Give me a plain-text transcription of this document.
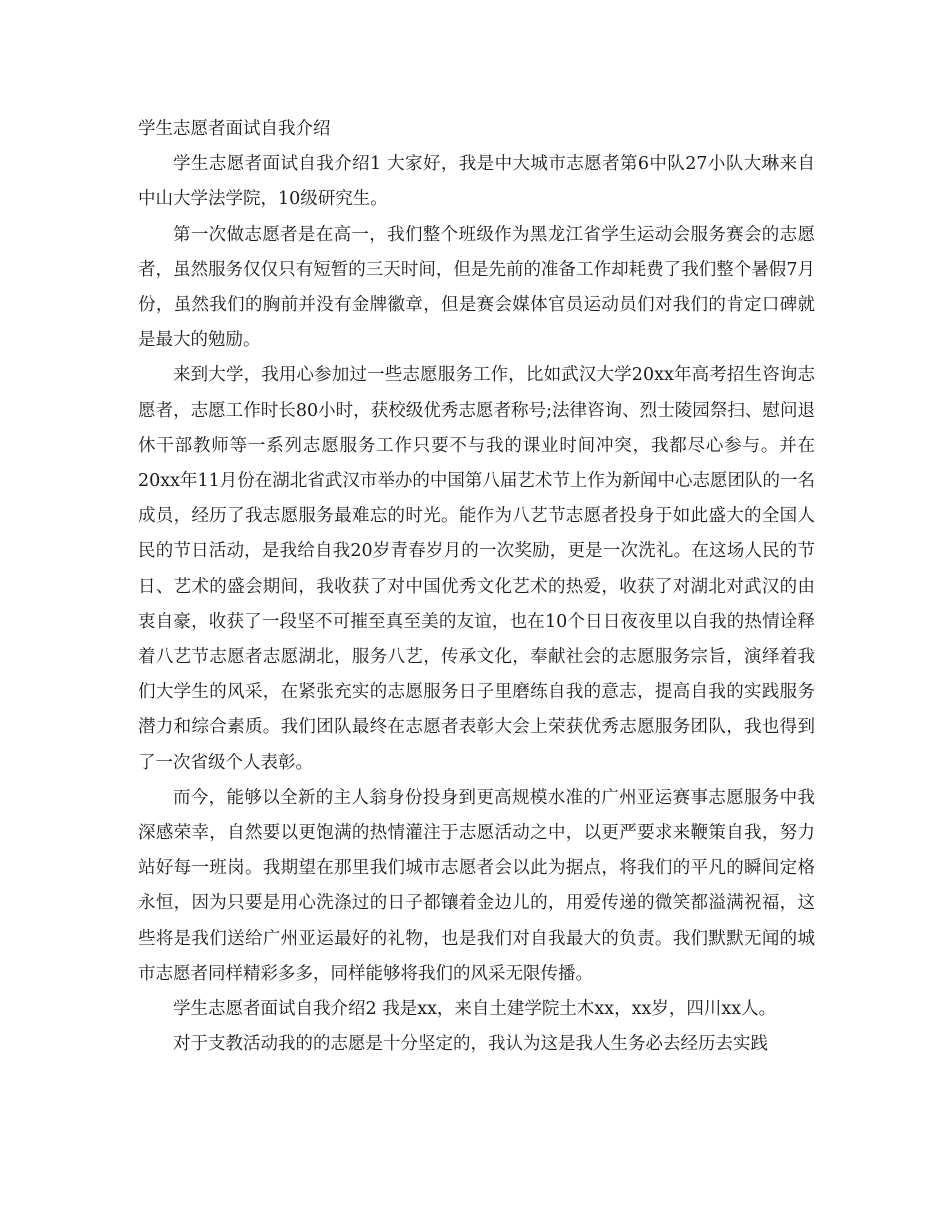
学生志愿者面试自我介绍

学生志愿者面试自我介绍1 大家好，我是中大城市志愿者第6中队27小队大琳来自中山大学法学院，10级研究生。

第一次做志愿者是在高一，我们整个班级作为黑龙江省学生运动会服务赛会的志愿者，虽然服务仅仅只有短暂的三天时间，但是先前的准备工作却耗费了我们整个暑假7月份，虽然我们的胸前并没有金牌徽章，但是赛会媒体官员运动员们对我们的肯定口碑就是最大的勉励。

来到大学，我用心参加过一些志愿服务工作，比如武汉大学20xx年高考招生咨询志愿者，志愿工作时长80小时，获校级优秀志愿者称号;法律咨询、烈士陵园祭扫、慰问退休干部教师等一系列志愿服务工作只要不与我的课业时间冲突，我都尽心参与。并在20xx年11月份在湖北省武汉市举办的中国第八届艺术节上作为新闻中心志愿团队的一名成员，经历了我志愿服务最难忘的时光。能作为八艺节志愿者投身于如此盛大的全国人民的节日活动，是我给自我20岁青春岁月的一次奖励，更是一次洗礼。在这场人民的节日、艺术的盛会期间，我收获了对中国优秀文化艺术的热爱，收获了对湖北对武汉的由衷自豪，收获了一段坚不可摧至真至美的友谊，也在10个日日夜夜里以自我的热情诠释着八艺节志愿者志愿湖北，服务八艺，传承文化，奉献社会的志愿服务宗旨，演绎着我们大学生的风采，在紧张充实的志愿服务日子里磨练自我的意志，提高自我的实践服务潜力和综合素质。我们团队最终在志愿者表彰大会上荣获优秀志愿服务团队，我也得到了一次省级个人表彰。

而今，能够以全新的主人翁身份投身到更高规模水准的广州亚运赛事志愿服务中我深感荣幸，自然要以更饱满的热情灌注于志愿活动之中，以更严要求来鞭策自我，努力站好每一班岗。我期望在那里我们城市志愿者会以此为据点，将我们的平凡的瞬间定格永恒，因为只要是用心洗涤过的日子都镶着金边儿的，用爱传递的微笑都溢满祝福，这些将是我们送给广州亚运最好的礼物，也是我们对自我最大的负责。我们默默无闻的城市志愿者同样精彩多多，同样能够将我们的风采无限传播。

学生志愿者面试自我介绍2 我是xx，来自土建学院土木xx，xx岁，四川xx人。

对于支教活动我的的志愿是十分坚定的，我认为这是我人生务必去经历去实践
